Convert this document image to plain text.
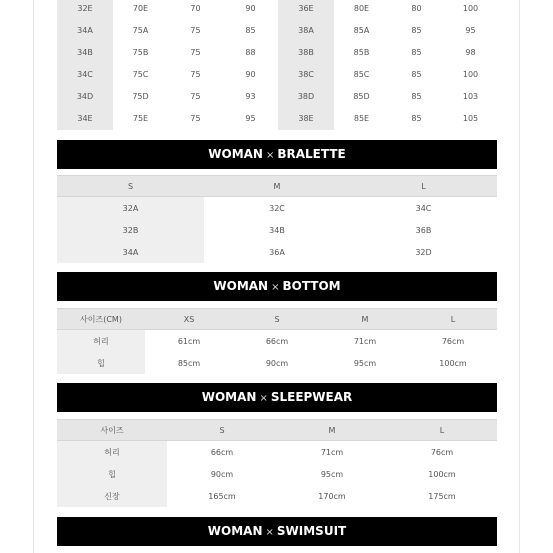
32E	70E	70	90	36E	80E	80	100
34A	75A	75	85	38A	85A	85	95
34B	75B	75	88	38B	85B	85	98
34C	75C	75	90	38C	85C	85	100
34D	75D	75	93	38D	85D	85	103
34E	75E	75	95	38E	85E	85	105
WOMAN × BRALETTE
S	M	L
32A	32C	34C
32B	34B	36B
34A	36A	32D
WOMAN × BOTTOM
사이즈(CM)	XS	S	M	L
허리	61cm	66cm	71cm	76cm
힙	85cm	90cm	95cm	100cm
WOMAN × SLEEPWEAR
사이즈	S	M	L
허리	66cm	71cm	76cm
힙	90cm	95cm	100cm
신장	165cm	170cm	175cm
WOMAN × SWIMSUIT
